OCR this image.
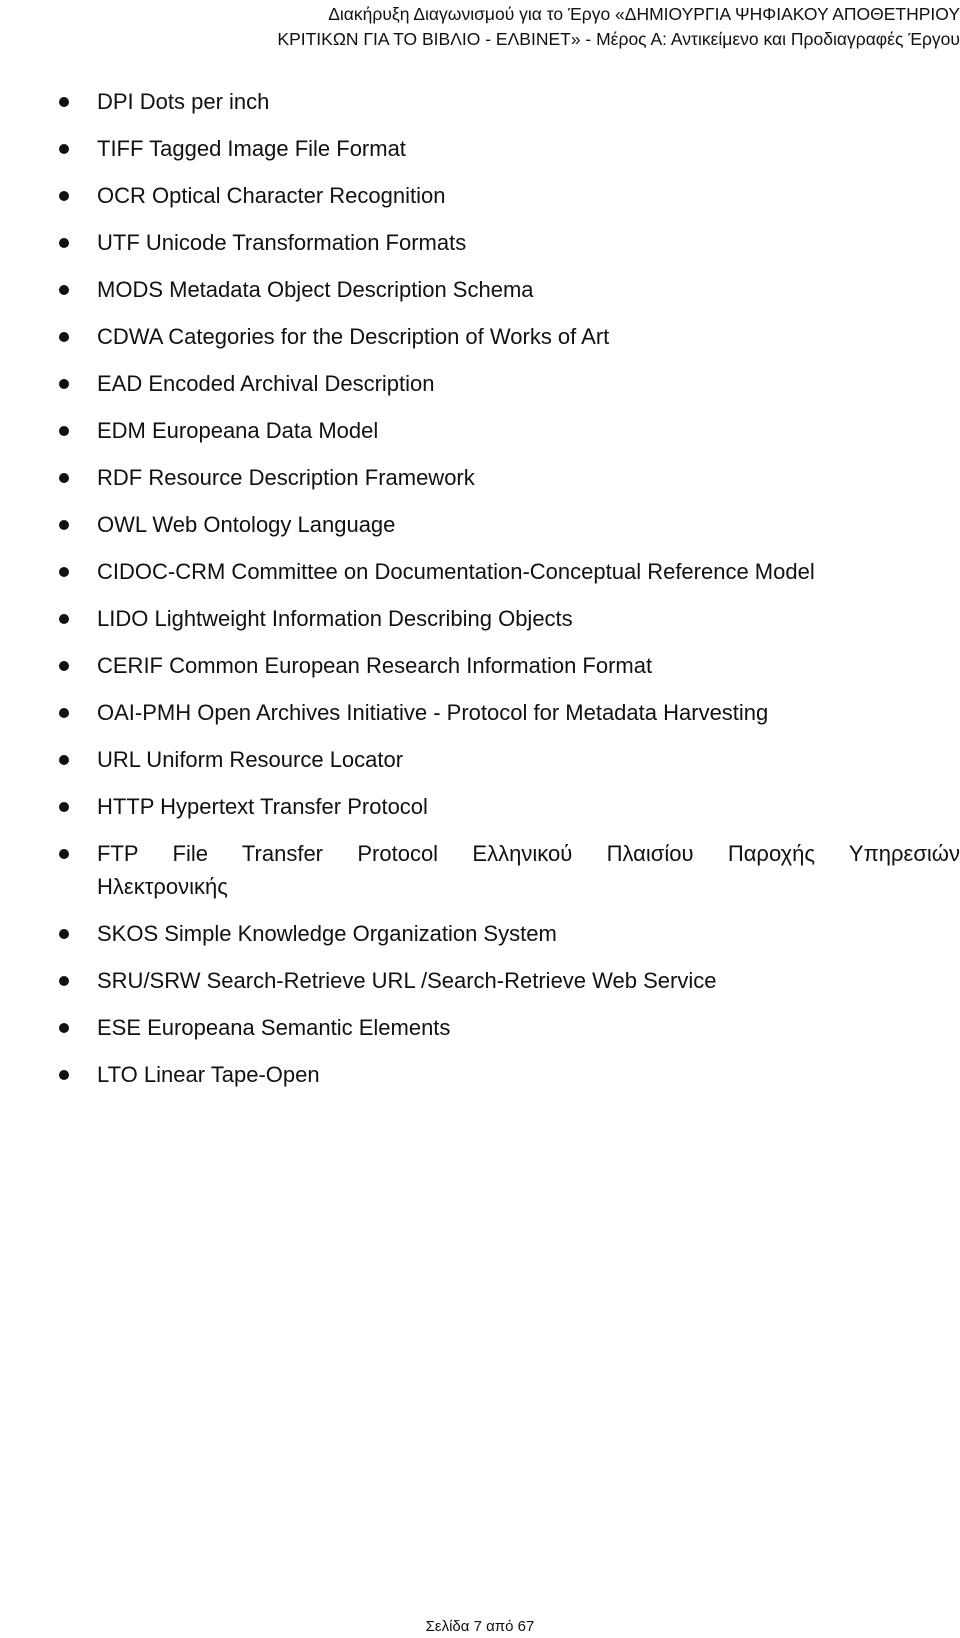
Διακήρυξη Διαγωνισμού για το Έργο «ΔΗΜΙΟΥΡΓΙΑ ΨΗΦΙΑΚΟΥ ΑΠΟΘΕΤΗΡΙΟΥ
ΚΡΙΤΙΚΩΝ ΓΙΑ ΤΟ ΒΙΒΛΙΟ - ΕΛΒΙΝΕΤ» - Μέρος Α: Αντικείμενο και Προδιαγραφές Έργου
DPI Dots per inch
TIFF Tagged Image File Format
OCR Optical Character Recognition
UTF Unicode Transformation Formats
MODS Metadata Object Description Schema
CDWA Categories for the Description of Works of Art
EAD Encoded Archival Description
EDM Europeana Data Model
RDF Resource Description Framework
OWL Web Ontology Language
CIDOC-CRM Committee on Documentation-Conceptual Reference Model
LIDO Lightweight Information Describing Objects
CERIF Common European Research Information Format
OAI-PMH Open Archives Initiative - Protocol for Metadata Harvesting
URL Uniform Resource Locator
HTTP Hypertext Transfer Protocol
FTP File Transfer Protocol Ελληνικού Πλαισίου Παροχής Υπηρεσιών
Ηλεκτρονικής
SKOS Simple Knowledge Organization System
SRU/SRW Search-Retrieve URL /Search-Retrieve Web Service
ESE Europeana Semantic Elements
LTO Linear Tape-Open
Σελίδα 7 από 67
